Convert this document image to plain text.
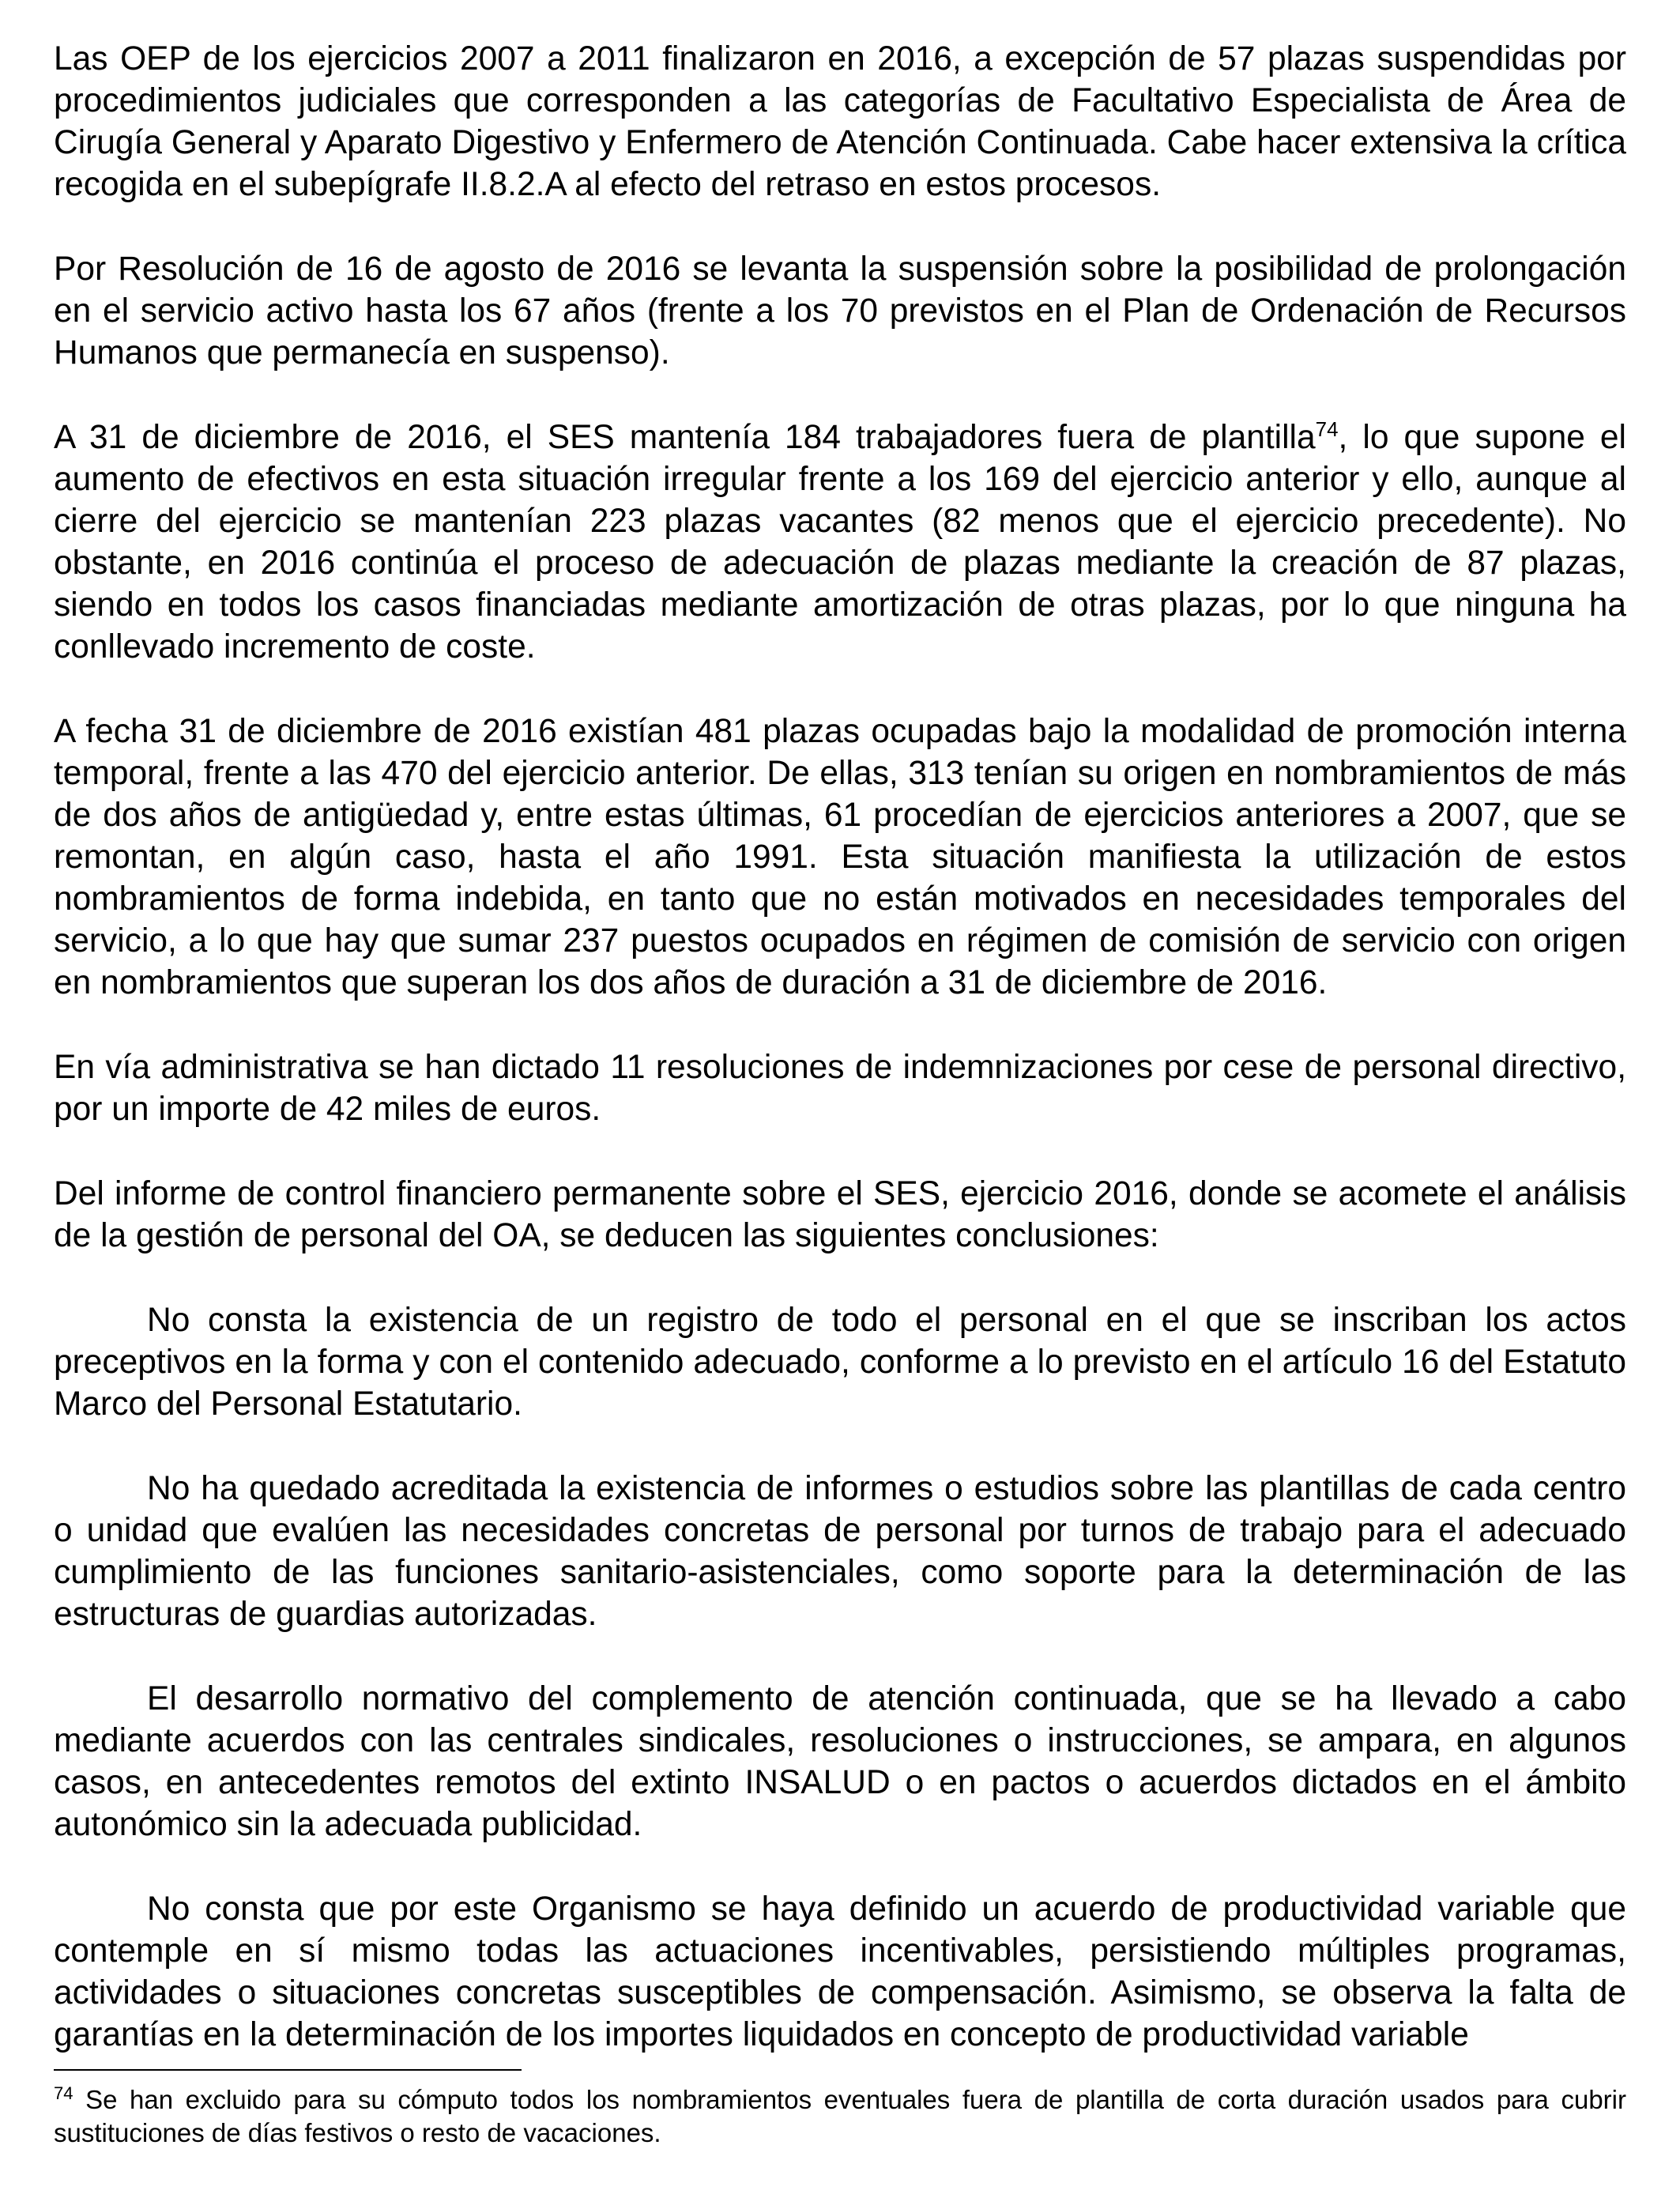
Las OEP de los ejercicios 2007 a 2011 finalizaron en 2016, a excepción de 57 plazas suspendidas por procedimientos judiciales que corresponden a las categorías de Facultativo Especialista de Área de Cirugía General y Aparato Digestivo y Enfermero de Atención Continuada. Cabe hacer extensiva la crítica recogida en el subepígrafe II.8.2.A al efecto del retraso en estos procesos.

Por Resolución de 16 de agosto de 2016 se levanta la suspensión sobre la posibilidad de prolongación en el servicio activo hasta los 67 años (frente a los 70 previstos en el Plan de Ordenación de Recursos Humanos que permanecía en suspenso).

A 31 de diciembre de 2016, el SES mantenía 184 trabajadores fuera de plantilla$^{74}$, lo que supone el aumento de efectivos en esta situación irregular frente a los 169 del ejercicio anterior y ello, aunque al cierre del ejercicio se mantenían 223 plazas vacantes (82 menos que el ejercicio precedente). No obstante, en 2016 continúa el proceso de adecuación de plazas mediante la creación de 87 plazas, siendo en todos los casos financiadas mediante amortización de otras plazas, por lo que ninguna ha conllevado incremento de coste.

A fecha 31 de diciembre de 2016 existían 481 plazas ocupadas bajo la modalidad de promoción interna temporal, frente a las 470 del ejercicio anterior. De ellas, 313 tenían su origen en nombramientos de más de dos años de antigüedad y, entre estas últimas, 61 procedían de ejercicios anteriores a 2007, que se remontan, en algún caso, hasta el año 1991. Esta situación manifiesta la utilización de estos nombramientos de forma indebida, en tanto que no están motivados en necesidades temporales del servicio, a lo que hay que sumar 237 puestos ocupados en régimen de comisión de servicio con origen en nombramientos que superan los dos años de duración a 31 de diciembre de 2016.

En vía administrativa se han dictado 11 resoluciones de indemnizaciones por cese de personal directivo, por un importe de 42 miles de euros.

Del informe de control financiero permanente sobre el SES, ejercicio 2016, donde se acomete el análisis de la gestión de personal del OA, se deducen las siguientes conclusiones:

No consta la existencia de un registro de todo el personal en el que se inscriban los actos preceptivos en la forma y con el contenido adecuado, conforme a lo previsto en el artículo 16 del Estatuto Marco del Personal Estatutario.

No ha quedado acreditada la existencia de informes o estudios sobre las plantillas de cada centro o unidad que evalúen las necesidades concretas de personal por turnos de trabajo para el adecuado cumplimiento de las funciones sanitario-asistenciales, como soporte para la determinación de las estructuras de guardias autorizadas.

El desarrollo normativo del complemento de atención continuada, que se ha llevado a cabo mediante acuerdos con las centrales sindicales, resoluciones o instrucciones, se ampara, en algunos casos, en antecedentes remotos del extinto INSALUD o en pactos o acuerdos dictados en el ámbito autonómico sin la adecuada publicidad.

No consta que por este Organismo se haya definido un acuerdo de productividad variable que contemple en sí mismo todas las actuaciones incentivables, persistiendo múltiples programas, actividades o situaciones concretas susceptibles de compensación. Asimismo, se observa la falta de garantías en la determinación de los importes liquidados en concepto de productividad variable

$^{74}$ Se han excluido para su cómputo todos los nombramientos eventuales fuera de plantilla de corta duración usados para cubrir sustituciones de días festivos o resto de vacaciones.
